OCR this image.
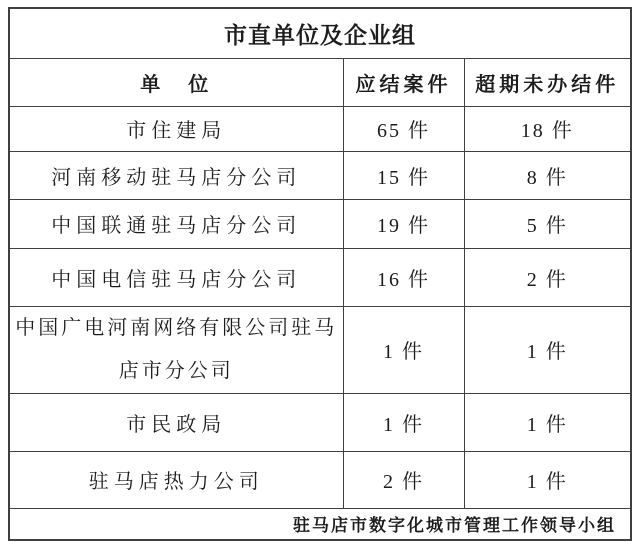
市直单位及企业组		
单　位	应结案件	超期未办结件
市住建局	65 件	18 件
河南移动驻马店分公司	15 件	8 件
中国联通驻马店分公司	19 件	5 件
中国电信驻马店分公司	16 件	2 件
中国广电河南网络有限公司驻马店市分公司	1 件	1 件
市民政局	1 件	1 件
驻马店热力公司	2 件	1 件
驻马店市数字化城市管理工作领导小组		
